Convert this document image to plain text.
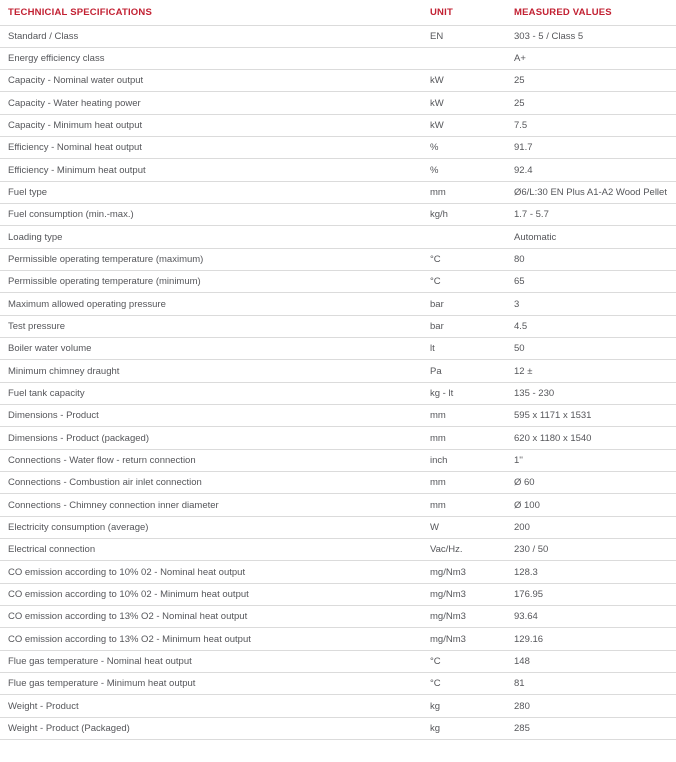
TECHNICIAL SPECIFICATIONS	UNIT	MEASURED VALUES
Standard / Class	EN	303 - 5 / Class 5
Energy efficiency class		A+
Capacity - Nominal water output	kW	25
Capacity - Water heating power	kW	25
Capacity - Minimum heat output	kW	7.5
Efficiency - Nominal heat output	%	91.7
Efficiency - Minimum heat output	%	92.4
Fuel type	mm	Ø6/L:30 EN Plus A1-A2 Wood Pellet
Fuel consumption (min.-max.)	kg/h	1.7 - 5.7
Loading type		Automatic
Permissible operating temperature (maximum)	°C	80
Permissible operating temperature (minimum)	°C	65
Maximum allowed operating pressure	bar	3
Test pressure	bar	4.5
Boiler water volume	lt	50
Minimum chimney draught	Pa	12 ±
Fuel tank capacity	kg - lt	135 - 230
Dimensions - Product	mm	595 x 1171 x 1531
Dimensions - Product (packaged)	mm	620 x 1180 x 1540
Connections - Water flow - return connection	inch	1''
Connections - Combustion air inlet connection	mm	Ø 60
Connections - Chimney connection inner diameter	mm	Ø 100
Electricity consumption (average)	W	200
Electrical connection	Vac/Hz.	230 / 50
CO emission according to 10% 02 - Nominal heat output	mg/Nm3	128.3
CO emission according to 10% 02 - Minimum heat output	mg/Nm3	176.95
CO emission according to 13% O2 - Nominal heat output	mg/Nm3	93.64
CO emission according to 13% O2 - Minimum heat output	mg/Nm3	129.16
Flue gas temperature - Nominal heat output	°C	148
Flue gas temperature - Minimum heat output	°C	81
Weight - Product	kg	280
Weight - Product (Packaged)	kg	285
